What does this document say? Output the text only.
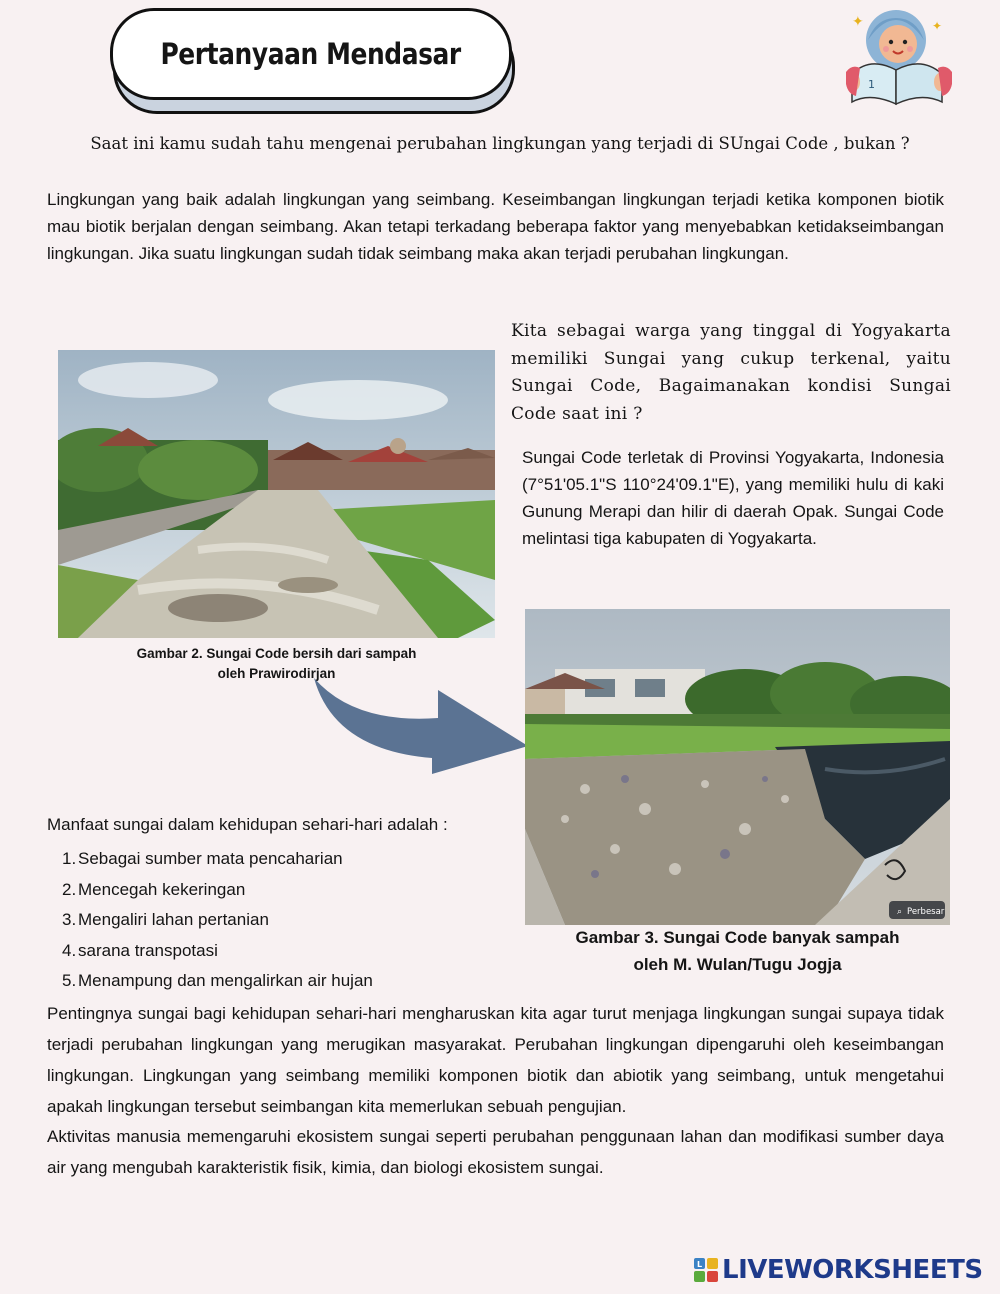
Pertanyaan Mendasar
✦	✦
1
Saat ini kamu sudah tahu mengenai perubahan lingkungan yang terjadi di SUngai Code , bukan ?
Lingkungan yang baik adalah lingkungan yang seimbang. Keseimbangan lingkungan terjadi ketika komponen biotik mau biotik berjalan dengan seimbang. Akan tetapi terkadang beberapa faktor yang menyebabkan ketidakseimbangan lingkungan. Jika suatu lingkungan sudah tidak seimbang maka akan terjadi perubahan lingkungan.
Kita sebagai warga yang tinggal di Yogyakarta memiliki Sungai yang cukup terkenal, yaitu Sungai Code, Bagaimanakan kondisi Sungai Code saat ini ?
Sungai Code terletak di Provinsi Yogyakarta, Indonesia (7°51'05.1"S 110°24'09.1"E), yang memiliki hulu di kaki Gunung Merapi dan hilir di daerah Opak. Sungai Code melintasi tiga kabupaten di Yogyakarta.
Gambar 2. Sungai Code bersih dari sampah
oleh Prawirodirjan
⌕ Perbesar
Gambar 3. Sungai Code banyak sampah
oleh M. Wulan/Tugu Jogja
Manfaat sungai dalam kehidupan sehari-hari adalah :
1. Sebagai sumber mata pencaharian
2. Mencegah kekeringan
3. Mengaliri lahan pertanian
4. sarana transpotasi
5. Menampung dan mengalirkan air hujan
Pentingnya sungai bagi kehidupan sehari-hari mengharuskan kita agar turut menjaga lingkungan sungai supaya tidak terjadi perubahan lingkungan yang merugikan masyarakat. Perubahan lingkungan dipengaruhi oleh keseimbangan lingkungan. Lingkungan yang seimbang memiliki komponen biotik dan abiotik yang seimbang, untuk mengetahui apakah lingkungan tersebut seimbangan kita memerlukan sebuah pengujian.
Aktivitas manusia memengaruhi ekosistem sungai seperti perubahan penggunaan lahan dan modifikasi sumber daya air yang mengubah karakteristik fisik, kimia, dan biologi ekosistem sungai.
L LIVEWORKSHEETS
